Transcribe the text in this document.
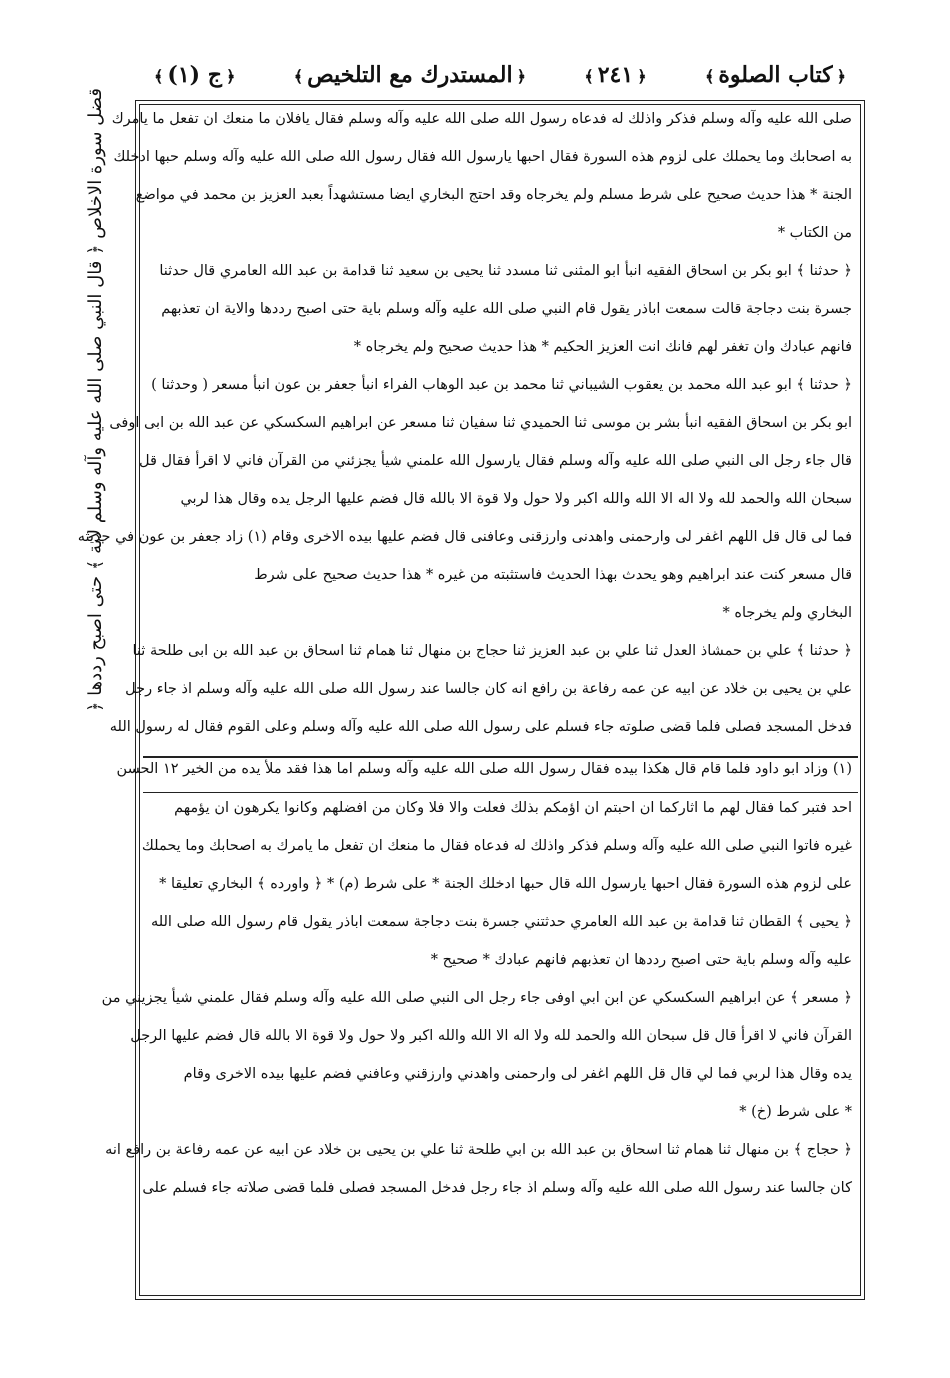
﴿ج (١)﴾	﴿المستدرك مع التلخيص﴾	﴿٢٤١﴾	﴿كتاب الصلوة﴾
قضل سورة الاخلاص ﴿ قال النبي صلى الله عليه وآله وسلم لاية ﴾ حتى اصبح رددها ﴿ صلى الله عليه وآله وسلم فذكر واذلك له فدعاه رسول الله صلى الله عليه وآله وسلم فقال يافلان ما منعك ان تفعل ما يامرك
به اصحابك وما يحملك على لزوم هذه السورة فقال احبها يارسول الله فقال رسول الله صلى الله عليه وآله وسلم حبها ادخلك
الجنة * هذا حديث صحيح على شرط مسلم ولم يخرجاه وقد احتج البخاري ايضا مستشهداً بعبد العزيز بن محمد في مواضع
من الكتاب *
﴿ حدثنا ﴾ ابو بكر بن اسحاق الفقيه انبأ ابو المثنى ثنا مسدد ثنا يحيى بن سعيد ثنا قدامة بن عبد الله العامري قال حدثنا
جسرة بنت دجاجة قالت سمعت اباذر يقول قام النبي صلى الله عليه وآله وسلم باية حتى اصبح رددها والاية ان تعذبهم
فانهم عبادك وان تغفر لهم فانك انت العزيز الحكيم * هذا حديث صحيح ولم يخرجاه *
﴿ حدثنا ﴾ ابو عبد الله محمد بن يعقوب الشيباني ثنا محمد بن عبد الوهاب الفراء انبأ جعفر بن عون انبأ مسعر ( وحدثنا )
ابو بكر بن اسحاق الفقيه انبأ بشر بن موسى ثنا الحميدي ثنا سفيان ثنا مسعر عن ابراهيم السكسكي عن عبد الله بن ابى اوفى
قال جاء رجل الى النبي صلى الله عليه وآله وسلم فقال يارسول الله علمني شيأ يجزئني من القرآن فاني لا اقرأ فقال قل
سبحان الله والحمد لله ولا اله الا الله والله اكبر ولا حول ولا قوة الا بالله قال فضم عليها الرجل يده وقال هذا لربي
فما لى قال قل اللهم اغفر لى وارحمنى واهدنى وارزقنى وعافنى قال فضم عليها بيده الاخرى وقام (١) زاد جعفر بن عون في حديثه
قال مسعر كنت عند ابراهيم وهو يحدث بهذا الحديث فاستثبته من غيره * هذا حديث صحيح على شرط
البخاري ولم يخرجاه *
﴿ حدثنا ﴾ علي بن حمشاذ العدل ثنا علي بن عبد العزيز ثنا حجاج بن منهال ثنا همام ثنا اسحاق بن عبد الله بن ابى طلحة ثنا
علي بن يحيى بن خلاد عن ابيه عن عمه رفاعة بن رافع انه كان جالسا عند رسول الله صلى الله عليه وآله وسلم اذ جاء رجل
فدخل المسجد فصلى فلما قضى صلوته جاء فسلم على رسول الله صلى الله عليه وآله وسلم وعلى القوم فقال له رسول الله
(١) وزاد ابو داود فلما قام قال هكذا بيده فقال رسول الله صلى الله عليه وآله وسلم اما هذا فقد ملأ يده من الخير ١٢ الحسن
احد فتبر كما فقال لهم ما اثاركما ان احبتم ان اؤمكم بذلك فعلت والا فلا وكان من افضلهم وكانوا يكرهون ان يؤمهم
غيره فاتوا النبي صلى الله عليه وآله وسلم فذكر واذلك له فدعاه فقال ما منعك ان تفعل ما يامرك به اصحابك وما يحملك
على لزوم هذه السورة فقال احبها يارسول الله قال حبها ادخلك الجنة * على شرط (م) * ﴿ واورده ﴾ البخاري تعليقا *
﴿ يحيى ﴾ القطان ثنا قدامة بن عبد الله العامري حدثتني جسرة بنت دجاجة سمعت اباذر يقول قام رسول الله صلى الله
عليه وآله وسلم باية حتى اصبح رددها ان تعذبهم فانهم عبادك * صحيح *
﴿ مسعر ﴾ عن ابراهيم السكسكي عن ابن ابي اوفى جاء رجل الى النبي صلى الله عليه وآله وسلم فقال علمني شيأ يجزيني من
القرآن فاني لا اقرأ قال قل سبحان الله والحمد لله ولا اله الا الله والله اكبر ولا حول ولا قوة الا بالله قال فضم عليها الرجل
يده وقال هذا لربي فما لي قال قل اللهم اغفر لى وارحمنى واهدني وارزقني وعافني فضم عليها بيده الاخرى وقام
* على شرط (خ) *
﴿ حجاج ﴾ بن منهال ثنا همام ثنا اسحاق بن عبد الله بن ابي طلحة ثنا علي بن يحيى بن خلاد عن ابيه عن عمه رفاعة بن رافع انه
كان جالسا عند رسول الله صلى الله عليه وآله وسلم اذ جاء رجل فدخل المسجد فصلى فلما قضى صلاته جاء فسلم على
